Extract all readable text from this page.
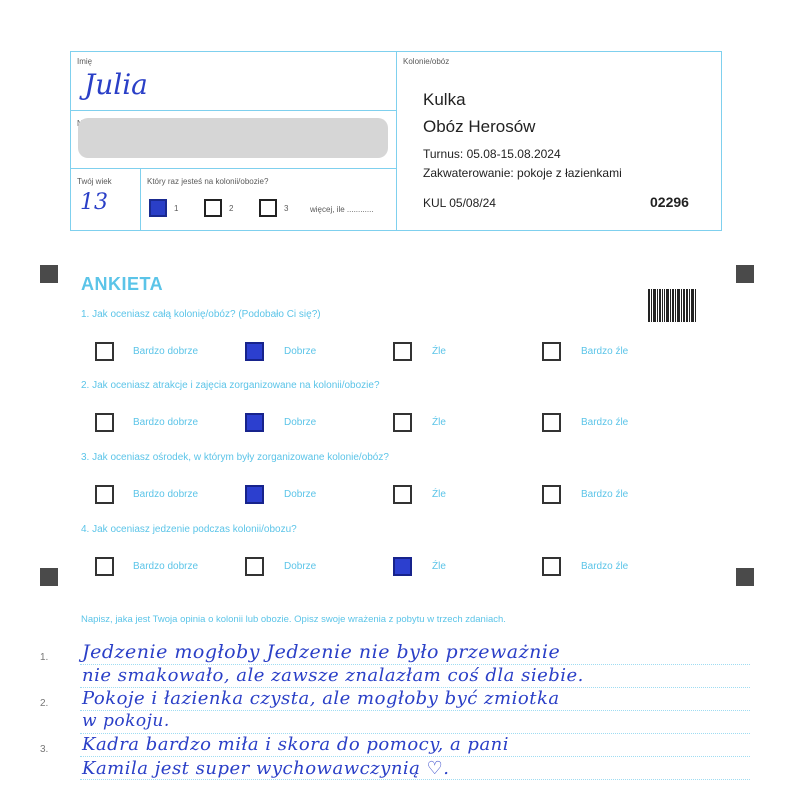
Imię
Julia
Twój wiek
13
Który raz jesteś na kolonii/obozie?
1	2	3	więcej, ile ............
Kolonie/obóz
Kulka
Obóz Herosów
Turnus: 05.08-15.08.2024
Zakwaterowanie: pokoje z łazienkami
KUL 05/08/24	02296
ANKIETA
1. Jak oceniasz całą kolonię/obóz? (Podobało Ci się?)
Bardzo dobrze	Dobrze	Źle	Bardzo źle
2. Jak oceniasz atrakcje i zajęcia zorganizowane na kolonii/obozie?
Bardzo dobrze	Dobrze	Źle	Bardzo źle
3. Jak oceniasz ośrodek, w którym były zorganizowane kolonie/obóz?
Bardzo dobrze	Dobrze	Źle	Bardzo źle
4. Jak oceniasz jedzenie podczas kolonii/obozu?
Bardzo dobrze	Dobrze	Źle	Bardzo źle
Napisz, jaka jest Twoja opinia o kolonii lub obozie. Opisz swoje wrażenia z pobytu w trzech zdaniach.
1.
2.
3.
Jedzenie mogłoby Jedzenie nie było przeważnie
nie smakowało, ale zawsze znalazłam coś dla siebie.
Pokoje i łazienka czysta, ale mogłoby być zmiotka
w pokoju.
Kadra bardzo miła i skora do pomocy, a pani
Kamila jest super wychowawczynią ♡.
